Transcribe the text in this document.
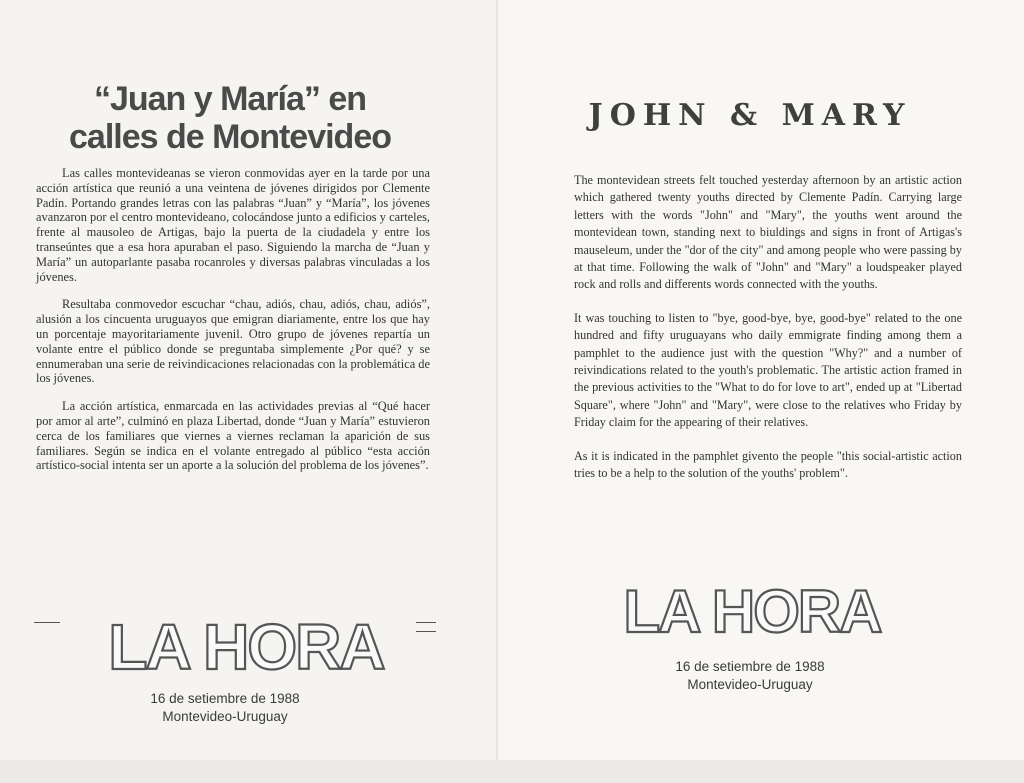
“Juan y María” en
calles de Montevideo

Las calles montevideanas se vieron conmovidas ayer en la tarde por una acción artística que reunió a una veintena de jóvenes dirigidos por Clemente Padín. Portando grandes letras con las palabras “Juan” y “María”, los jóvenes avanzaron por el centro montevideano, colocándose junto a edificios y carteles, frente al mausoleo de Artigas, bajo la puerta de la ciudadela y entre los transeúntes que a esa hora apuraban el paso. Siguiendo la marcha de “Juan y María” un autoparlante pasaba rocanroles y diversas palabras vinculadas a los jóvenes.

Resultaba conmovedor escuchar “chau, adiós, chau, adiós, chau, adiós”, alusión a los cincuenta uruguayos que emigran diariamente, entre los que hay un porcentaje mayoritariamente juvenil. Otro grupo de jóvenes repartía un volante entre el público donde se preguntaba simplemente ¿Por qué? y se ennumeraban una serie de reivindicaciones relacionadas con la problemática de los jóvenes.

La acción artística, enmarcada en las actividades previas al “Qué hacer por amor al arte”, culminó en plaza Libertad, donde “Juan y María” estuvieron cerca de los familiares que viernes a viernes reclaman la aparición de sus familiares. Según se indica en el volante entregado al público “esta acción artístico-social intenta ser un aporte a la solución del problema de los jóvenes”.

LA HORA
16 de setiembre de 1988
Montevideo-Uruguay
JOHN & MARY

The montevidean streets felt touched yesterday afternoon by an artistic action which gathered twenty youths directed by Clemente Padín. Carrying large letters with the words "John" and "Mary", the youths went around the montevidean town, standing next to biuldings and signs in front of Artigas's mauseleum, under the "dor of the city" and among people who were passing by at that time. Following the walk of "John" and "Mary" a loudspeaker played rock and rolls and differents words connected with the youths.

It was touching to listen to "bye, good-bye, bye, good-bye" related to the one hundred and fifty uruguayans who daily emmigrate finding among them a pamphlet to the audience just with the question "Why?" and a number of reivindications related to the youth's problematic. The artistic action framed in the previous activities to the "What to do for love to art", ended up at "Libertad Square", where "John" and "Mary", were close to the relatives who Friday by Friday claim for the appearing of their relatives.

As it is indicated in the pamphlet givento the people "this social-artistic action tries to be a help to the solution of the youths' problem".

LA HORA
16 de setiembre de 1988
Montevideo-Uruguay
